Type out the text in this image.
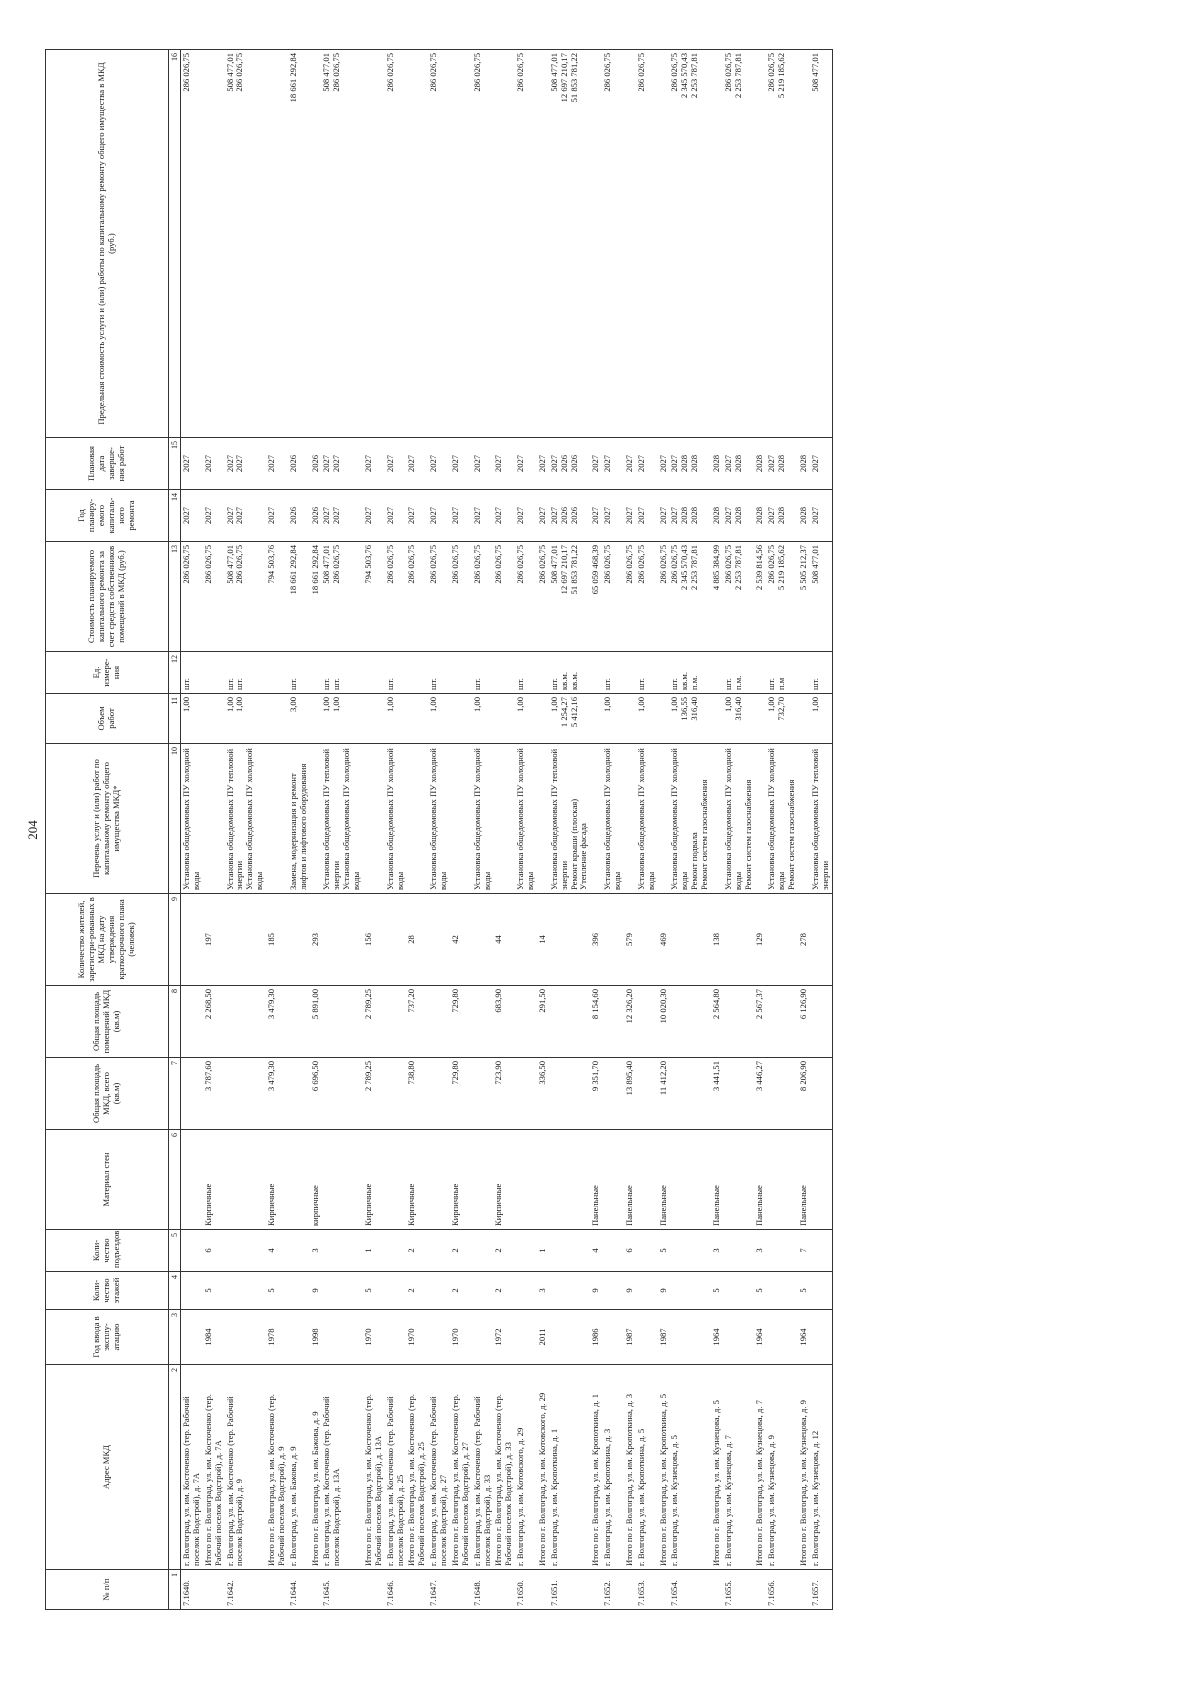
204
№ п/п	Адрес МКД	Год ввода в эксплу-атацию	Коли-чество этажей	Коли-чество подъездов	Материал стен	Общая площадь МКД, всего (кв.м)	Общая площадь помещений МКД (кв.м)	Количество жителей, зарегистри-рованных в МКД на дату утверждения краткосрочного плана (человек)	Перечень услуг и (или) работ по капитальному ремонту общего имущества МКД*	Объем работ	Ед. измере-ния	Стоимость планируемого капитального ремонта за счет средств собственников помещений в МКД (руб.)	Год планиру-емого капиталь-ного ремонта	Плановая дата заверше-ния работ	Предельная стоимость услуги и (или) работы по капитальному ремонту общего имущества в МКД (руб.)
1	2	3	4	5	6	7	8	9	10	11	12	13	14	15	16
7.1640.	г. Волгоград, ул. им. Косточенко (тер. Рабочий поселок Водстрой), д. 7А								Установка общедомовых ПУ холодной воды	1,00	шт.	286 026,75	2027	2027	286 026,75

	Итого по г. Волгоград, ул. им. Косточенко (тер. Рабочий поселок Водстрой), д. 7А	1984	5	6	Кирпичные	3 787,60	2 268,50	197				286 026,75	2027	2027	

7.1642.	г. Волгоград, ул. им. Косточенко (тер. Рабочий поселок Водстрой), д. 9								Установка общедомовых ПУ тепловой энергии Установка общедомовых ПУ холодной воды	1,00 1,00	шт. шт.	508 477,01 286 026,75	2027 2027	2027 2027	508 477,01 286 026,75

	Итого по г. Волгоград, ул. им. Косточенко (тер. Рабочий поселок Водстрой), д. 9	1978	5	4	Кирпичные	3 479,30	3 479,30	185				794 503,76	2027	2027	

7.1644.	г. Волгоград, ул. им. Бажова, д. 9								Замена, модернизация и ремонт лифтов и лифтового оборудования	3,00	шт.	18 661 292,84	2026	2026	18 661 292,84

	Итого по г. Волгоград, ул. им. Бажова, д. 9	1998	9	3	кирпичные	6 696,50	5 891,00	293				18 661 292,84	2026	2026	

7.1645.	г. Волгоград, ул. им. Косточенко (тер. Рабочий поселок Водстрой), д. 13А								Установка общедомовых ПУ тепловой энергии Установка общедомовых ПУ холодной воды	1,00 1,00	шт. шт.	508 477,01 286 026,75	2027 2027	2027 2027	508 477,01 286 026,75

	Итого по г. Волгоград, ул. им. Косточенко (тер. Рабочий поселок Водстрой), д. 13А	1970	5	1	Кирпичные	2 789,25	2 789,25	156				794 503,76	2027	2027	

7.1646.	г. Волгоград, ул. им. Косточенко (тер. Рабочий поселок Водстрой), д. 25								Установка общедомовых ПУ холодной воды	1,00	шт.	286 026,75	2027	2027	286 026,75

	Итого по г. Волгоград, ул. им. Косточенко (тер. Рабочий поселок Водстрой), д. 25	1970	2	2	Кирпичные	738,80	737,20	28				286 026,75	2027	2027	

7.1647.	г. Волгоград, ул. им. Косточенко (тер. Рабочий поселок Водстрой), д. 27								Установка общедомовых ПУ холодной воды	1,00	шт.	286 026,75	2027	2027	286 026,75

	Итого по г. Волгоград, ул. им. Косточенко (тер. Рабочий поселок Водстрой), д. 27	1970	2	2	Кирпичные	729,80	729,80	42				286 026,75	2027	2027	

7.1648.	г. Волгоград, ул. им. Косточенко (тер. Рабочий поселок Водстрой), д. 33								Установка общедомовых ПУ холодной воды	1,00	шт.	286 026,75	2027	2027	286 026,75

	Итого по г. Волгоград, ул. им. Косточенко (тер. Рабочий поселок Водстрой), д. 33	1972	2	2	Кирпичные	723,90	683,90	44				286 026,75	2027	2027	

7.1650.	г. Волгоград, ул. им. Котовского, д. 29								Установка общедомовых ПУ холодной воды	1,00	шт.	286 026,75	2027	2027	286 026,75

	Итого по г. Волгоград, ул. им. Котовского, д. 29	2011	3	1		336,50	291,50	14				286 026,75	2027	2027	

7.1651.	г. Волгоград, ул. им. Кропоткина, д. 1								Установка общедомовых ПУ тепловой энергии Ремонт крыши (плоская) Утепление фасада	1,00 1 254,27 5 412,16	шт. кв.м. кв.м.	508 477,01 12 697 210,17 51 853 781,22	2027 2026 2026	2027 2026 2026	508 477,01 12 697 210,17 51 853 781,22

	Итого по г. Волгоград, ул. им. Кропоткина, д. 1	1986	9	4	Панельные	9 351,70	8 154,60	396				65 059 468,39	2027	2027	

7.1652.	г. Волгоград, ул. им. Кропоткина, д. 3								Установка общедомовых ПУ холодной воды	1,00	шт.	286 026,75	2027	2027	286 026,75

	Итого по г. Волгоград, ул. им. Кропоткина, д. 3	1987	9	6	Панельные	13 895,40	12 326,20	579				286 026,75	2027	2027	

7.1653.	г. Волгоград, ул. им. Кропоткина, д. 5								Установка общедомовых ПУ холодной воды	1,00	шт.	286 026,75	2027	2027	286 026,75

	Итого по г. Волгоград, ул. им. Кропоткина, д. 5	1987	9	5	Панельные	11 412,20	10 020,30	469				286 026,75	2027	2027	

7.1654.	г. Волгоград, ул. им. Кузнецова, д. 5								Установка общедомовых ПУ холодной воды Ремонт подвала Ремонт систем газоснабжения	1,00 136,55 316,40	шт. кв.м. п.м.	286 026,75 2 345 570,43 2 253 787,81	2027 2028 2028	2027 2028 2028	286 026,75 2 345 570,43 2 253 787,81

	Итого по г. Волгоград, ул. им. Кузнецова, д. 5	1964	5	3	Панельные	3 441,51	2 564,80	138				4 885 384,99	2028	2028	

7.1655.	г. Волгоград, ул. им. Кузнецова, д. 7								Установка общедомовых ПУ холодной воды Ремонт систем газоснабжения	1,00 316,40	шт. п.м.	286 026,75 2 253 787,81	2027 2028	2027 2028	286 026,75 2 253 787,81

	Итого по г. Волгоград, ул. им. Кузнецова, д. 7	1964	5	3	Панельные	3 446,27	2 567,37	129				2 539 814,56	2028	2028	

7.1656.	г. Волгоград, ул. им. Кузнецова, д. 9								Установка общедомовых ПУ холодной воды Ремонт систем газоснабжения	1,00 732,70	шт. п.м	286 026,75 5 219 185,62	2027 2028	2027 2028	286 026,75 5 219 185,62

	Итого по г. Волгоград, ул. им. Кузнецова, д. 9	1964	5	7	Панельные	8 206,90	6 126,90	278				5 505 212,37	2028	2028	

7.1657.	г. Волгоград, ул. им. Кузнецова, д. 12								Установка общедомовых ПУ тепловой энергии	1,00	шт.	508 477,01	2027	2027	508 477,01
